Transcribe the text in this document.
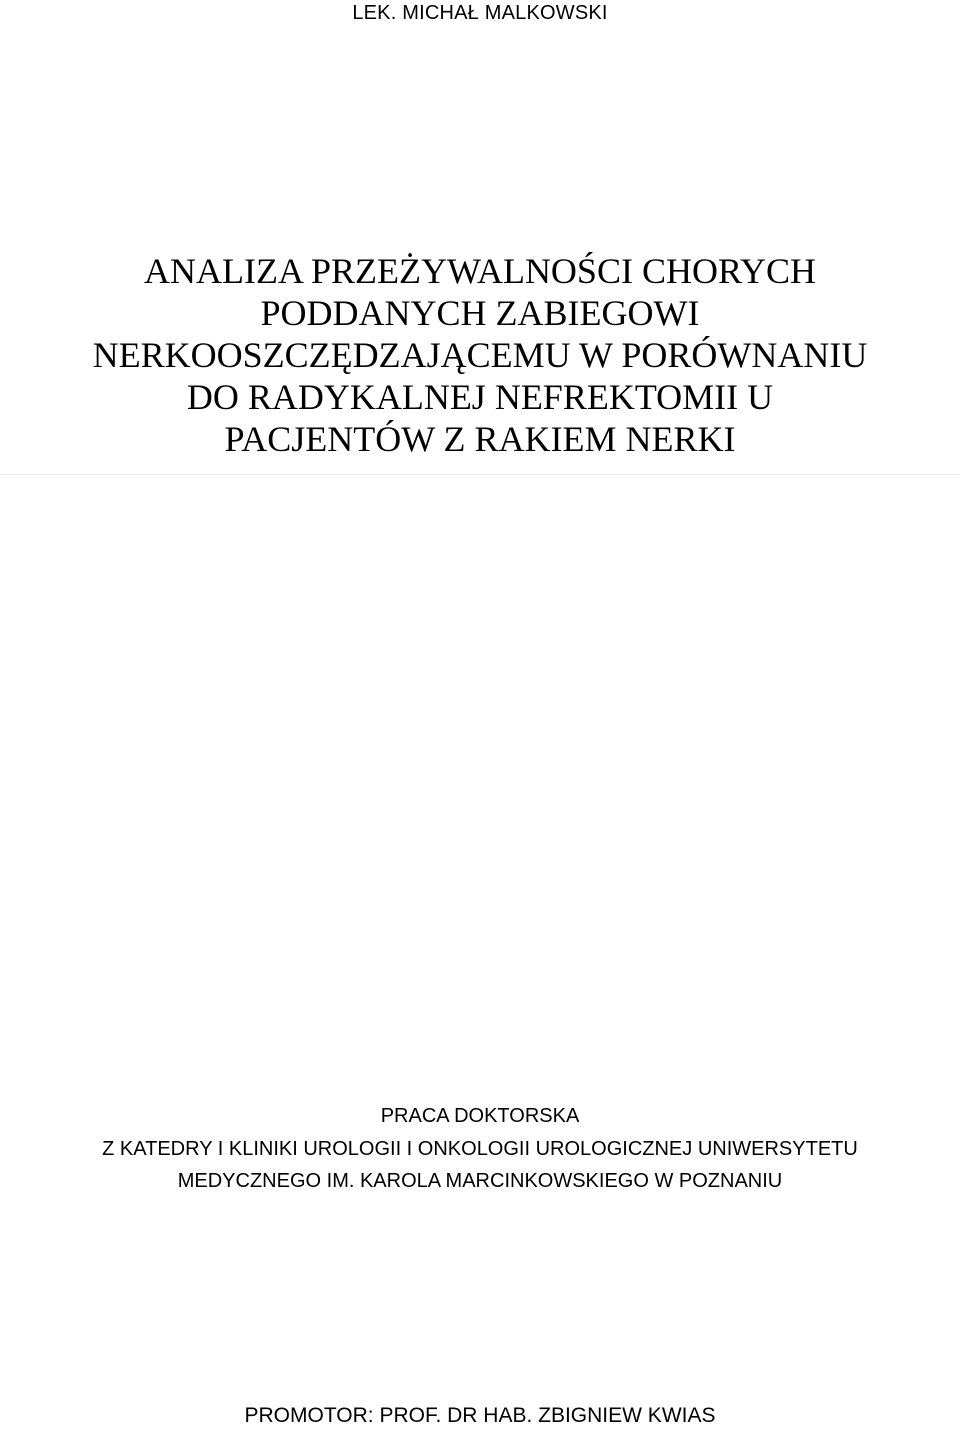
LEK. MICHAŁ MALKOWSKI
ANALIZA PRZEŻYWALNOŚCI CHORYCH
PODDANYCH ZABIEGOWI
NERKOOSZCZĘDZAJĄCEMU W PORÓWNANIU
DO RADYKALNEJ NEFREKTOMII U
PACJENTÓW Z RAKIEM NERKI
PRACA DOKTORSKA
Z KATEDRY I KLINIKI UROLOGII I ONKOLOGII UROLOGICZNEJ UNIWERSYTETU
MEDYCZNEGO IM. KAROLA MARCINKOWSKIEGO W POZNANIU
PROMOTOR: PROF. DR HAB. ZBIGNIEW KWIAS
